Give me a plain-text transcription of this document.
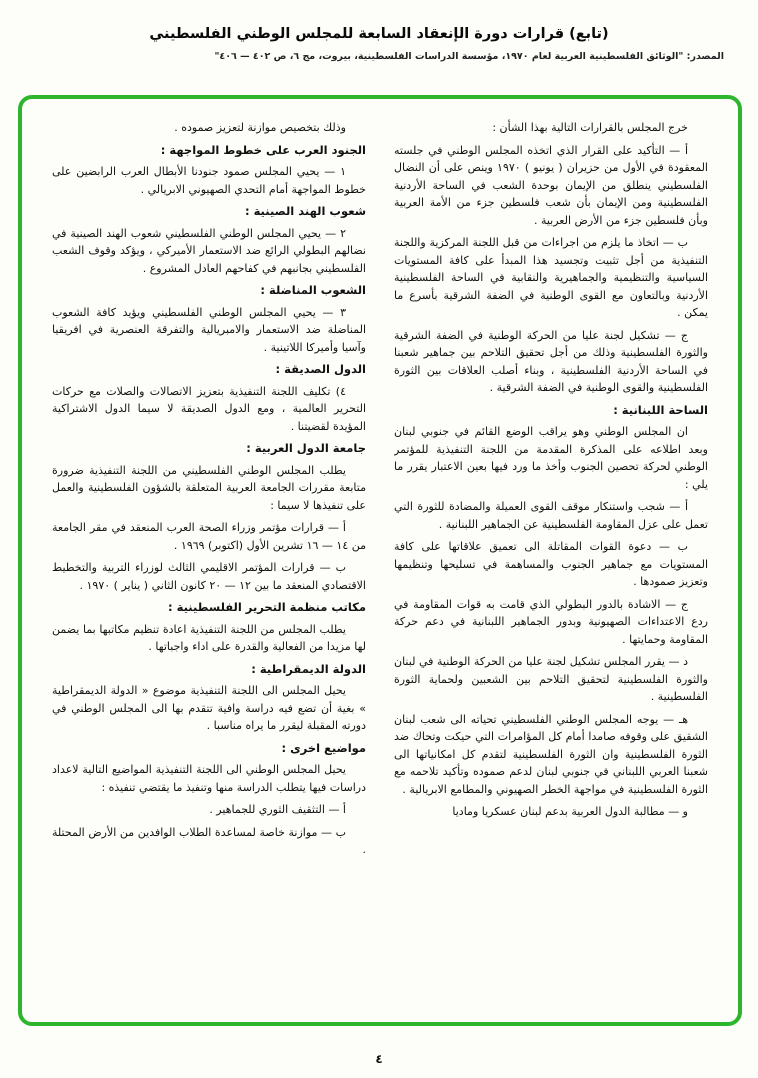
(تابع) قرارات دورة الإنعقاد السابعة للمجلس الوطني الفلسطيني
المصدر: "الوثائق الفلسطينية العربية لعام ١٩٧٠، مؤسسة الدراسات الفلسطينية، بيروت، مج ٦، ص ٤٠٢ — ٤٠٦"
خرج المجلس بالقرارات التالية بهذا الشأن :
أ — التأكيد على القرار الذي اتخذه المجلس الوطني في جلسته المعقودة في الأول من حزيران ( يونيو ) ١٩٧٠ وينص على أن النضال الفلسطيني ينطلق من الإيمان بوحدة الشعب في الساحة الأردنية الفلسطينية ومن الإيمان بأن شعب فلسطين جزء من الأمة العربية وبأن فلسطين جزء من الأرض العربية .
ب — اتخاذ ما يلزم من اجراءات من قبل اللجنة المركزية واللجنة التنفيذية من أجل تثبيت وتجسيد هذا المبدأ على كافة المستويات السياسية والتنظيمية والجماهيرية والنقابية في الساحة الفلسطينية الأردنية وبالتعاون مع القوى الوطنية في الضفة الشرقية بأسرع ما يمكن .
ج — تشكيل لجنة عليا من الحركة الوطنية في الضفة الشرقية والثورة الفلسطينية وذلك من أجل تحقيق التلاحم بين جماهير شعبنا في الساحة الأردنية الفلسطينية ، وبناء أصلب العلاقات بين الثورة الفلسطينية والقوى الوطنية في الضفة الشرقية .
الساحة اللبنانية :
ان المجلس الوطني وهو يراقب الوضع القائم في جنوبي لبنان وبعد اطلاعه على المذكرة المقدمة من اللجنة التنفيذية للمؤتمر الوطني لحركة تحصين الجنوب وأخذ ما ورد فيها بعين الاعتبار يقرر ما يلي :
أ — شجب واستنكار موقف القوى العميلة والمضادة للثورة التي تعمل على عزل المقاومة الفلسطينية عن الجماهير اللبنانية .
ب — دعوة القوات المقاتلة الى تعميق علاقاتها على كافة المستويات مع جماهير الجنوب والمساهمة في تسليحها وتنظيمها وتعزيز صمودها .
ج — الاشادة بالدور البطولي الذي قامت به قوات المقاومة في ردع الاعتداءات الصهيونية وبدور الجماهير اللبنانية في دعم حركة المقاومة وحمايتها .
د — يقرر المجلس تشكيل لجنة عليا من الحركة الوطنية في لبنان والثورة الفلسطينية لتحقيق التلاحم بين الشعبين ولحماية الثورة الفلسطينية .
هـ — يوجه المجلس الوطني الفلسطيني تحياته الى شعب لبنان الشقيق على وقوفه صامدا أمام كل المؤامرات التي حيكت وتحاك ضد الثورة الفلسطينية وان الثورة الفلسطينية لتقدم كل امكانياتها الى شعبنا العربي اللبناني في جنوبي لبنان لدعم صموده وتأكيد تلاحمه مع الثورة الفلسطينية في مواجهة الخطر الصهيوني والمطامع الابريالية .
و — مطالبة الدول العربية بدعم لبنان عسكريا وماديا
وذلك بتخصيص موازنة لتعزيز صموده .
الجنود العرب على خطوط المواجهة :
١ — يحيي المجلس صمود جنودنا الأبطال العرب الرابضين على خطوط المواجهة أمام التحدي الصهيوني الابريالي .
شعوب الهند الصينية :
٢ — يحيي المجلس الوطني الفلسطيني شعوب الهند الصينية في نضالهم البطولي الرائع ضد الاستعمار الأميركي ، ويؤكد وقوف الشعب الفلسطيني بجانبهم في كفاحهم العادل المشروع .
الشعوب المناضلة :
٣ — يحيي المجلس الوطني الفلسطيني ويؤيد كافة الشعوب المناضلة ضد الاستعمار والامبريالية والتفرقة العنصرية في افريقيا وآسيا وأميركا اللاتينية .
الدول الصديقة :
٤) تكليف اللجنة التنفيذية بتعزيز الاتصالات والصلات مع حركات التحرير العالمية ، ومع الدول الصديقة لا سيما الدول الاشتراكية المؤيدة لقضيتنا .
جامعة الدول العربية :
يطلب المجلس الوطني الفلسطيني من اللجنة التنفيذية ضرورة متابعة مقررات الجامعة العربية المتعلقة بالشؤون الفلسطينية والعمل على تنفيذها لا سيما :
أ — قرارات مؤتمر وزراء الصحة العرب المنعقد في مقر الجامعة من ١٤ — ١٦ تشرين الأول (اكتوبر) ١٩٦٩ .
ب — قرارات المؤتمر الاقليمي الثالث لوزراء التربية والتخطيط الاقتصادي المنعقد ما بين ١٢ — ٢٠ كانون الثاني ( يناير ) ١٩٧٠ .
مكاتب منظمة التحرير الفلسطينية :
يطلب المجلس من اللجنة التنفيذية اعادة تنظيم مكاتبها بما يضمن لها مزيدا من الفعالية والقدرة على اداء واجباتها .
الدولة الديمقراطية :
يحيل المجلس الى اللجنة التنفيذية موضوع « الدولة الديمقراطية » بغية أن تضع فيه دراسة وافية تتقدم بها الى المجلس الوطني في دورته المقبلة ليقرر ما يراه مناسبا .
مواضيع اخرى :
يحيل المجلس الوطني الى اللجنة التنفيذية المواضيع التالية لاعداد دراسات فيها يتطلب الدراسة منها وتنفيذ ما يقتضي تنفيذه :
أ — التثقيف الثوري للجماهير .
ب — موازنة خاصة لمساعدة الطلاب الوافدين من الأرض المحتلة .
٤
